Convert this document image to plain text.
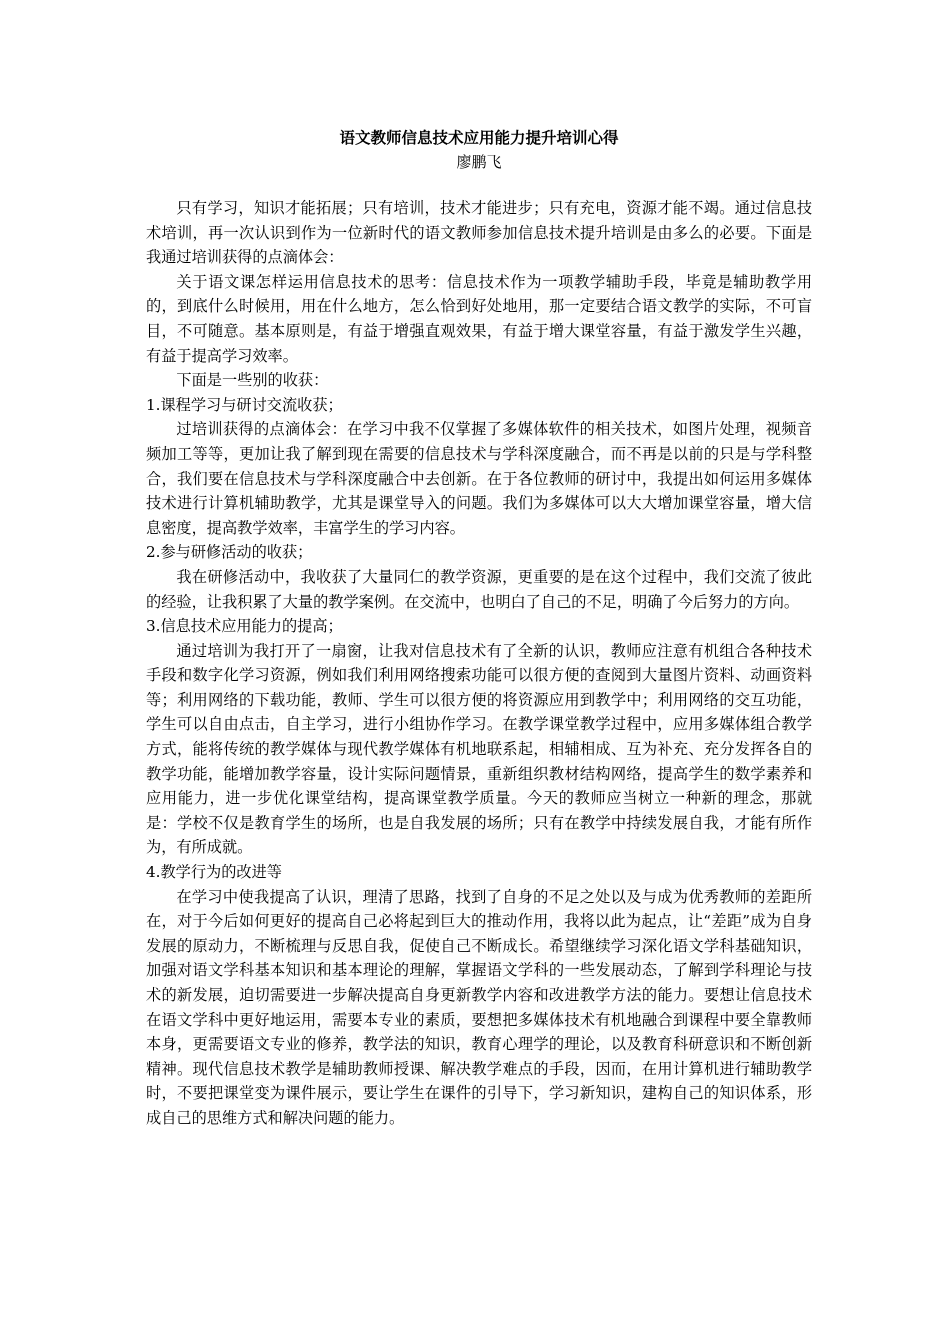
语文教师信息技术应用能力提升培训心得
廖鹏飞

只有学习，知识才能拓展；只有培训，技术才能进步；只有充电，资源才能不竭。通过信息技术培训，再一次认识到作为一位新时代的语文教师参加信息技术提升培训是由多么的必要。下面是我通过培训获得的点滴体会：

关于语文课怎样运用信息技术的思考：信息技术作为一项教学辅助手段，毕竟是辅助教学用的，到底什么时候用，用在什么地方，怎么恰到好处地用，那一定要结合语文教学的实际，不可盲目，不可随意。基本原则是，有益于增强直观效果，有益于增大课堂容量，有益于激发学生兴趣，有益于提高学习效率。

下面是一些别的收获：

1.课程学习与研讨交流收获；

过培训获得的点滴体会：在学习中我不仅掌握了多媒体软件的相关技术，如图片处理，视频音频加工等等，更加让我了解到现在需要的信息技术与学科深度融合，而不再是以前的只是与学科整合，我们要在信息技术与学科深度融合中去创新。在于各位教师的研讨中，我提出如何运用多媒体技术进行计算机辅助教学，尤其是课堂导入的问题。我们为多媒体可以大大增加课堂容量，增大信息密度，提高教学效率，丰富学生的学习内容。

2.参与研修活动的收获；

我在研修活动中，我收获了大量同仁的教学资源，更重要的是在这个过程中，我们交流了彼此的经验，让我积累了大量的教学案例。在交流中，也明白了自己的不足，明确了今后努力的方向。

3.信息技术应用能力的提高；

通过培训为我打开了一扇窗，让我对信息技术有了全新的认识，教师应注意有机组合各种技术手段和数字化学习资源，例如我们利用网络搜索功能可以很方便的查阅到大量图片资料、动画资料等；利用网络的下载功能，教师、学生可以很方便的将资源应用到教学中；利用网络的交互功能，学生可以自由点击，自主学习，进行小组协作学习。在教学课堂教学过程中，应用多媒体组合教学方式，能将传统的教学媒体与现代教学媒体有机地联系起，相辅相成、互为补充、充分发挥各自的教学功能，能增加教学容量，设计实际问题情景，重新组织教材结构网络，提高学生的数学素养和应用能力，进一步优化课堂结构，提高课堂教学质量。今天的教师应当树立一种新的理念，那就是：学校不仅是教育学生的场所，也是自我发展的场所；只有在教学中持续发展自我，才能有所作为，有所成就。

4.教学行为的改进等

在学习中使我提高了认识，理清了思路，找到了自身的不足之处以及与成为优秀教师的差距所在，对于今后如何更好的提高自己必将起到巨大的推动作用，我将以此为起点，让“差距”成为自身发展的原动力，不断梳理与反思自我，促使自己不断成长。希望继续学习深化语文学科基础知识，加强对语文学科基本知识和基本理论的理解，掌握语文学科的一些发展动态，了解到学科理论与技术的新发展，迫切需要进一步解决提高自身更新教学内容和改进教学方法的能力。要想让信息技术在语文学科中更好地运用，需要本专业的素质，要想把多媒体技术有机地融合到课程中要全靠教师本身，更需要语文专业的修养，教学法的知识，教育心理学的理论，以及教育科研意识和不断创新精神。现代信息技术教学是辅助教师授课、解决教学难点的手段，因而，在用计算机进行辅助教学时，不要把课堂变为课件展示，要让学生在课件的引导下，学习新知识，建构自己的知识体系，形成自己的思维方式和解决问题的能力。
